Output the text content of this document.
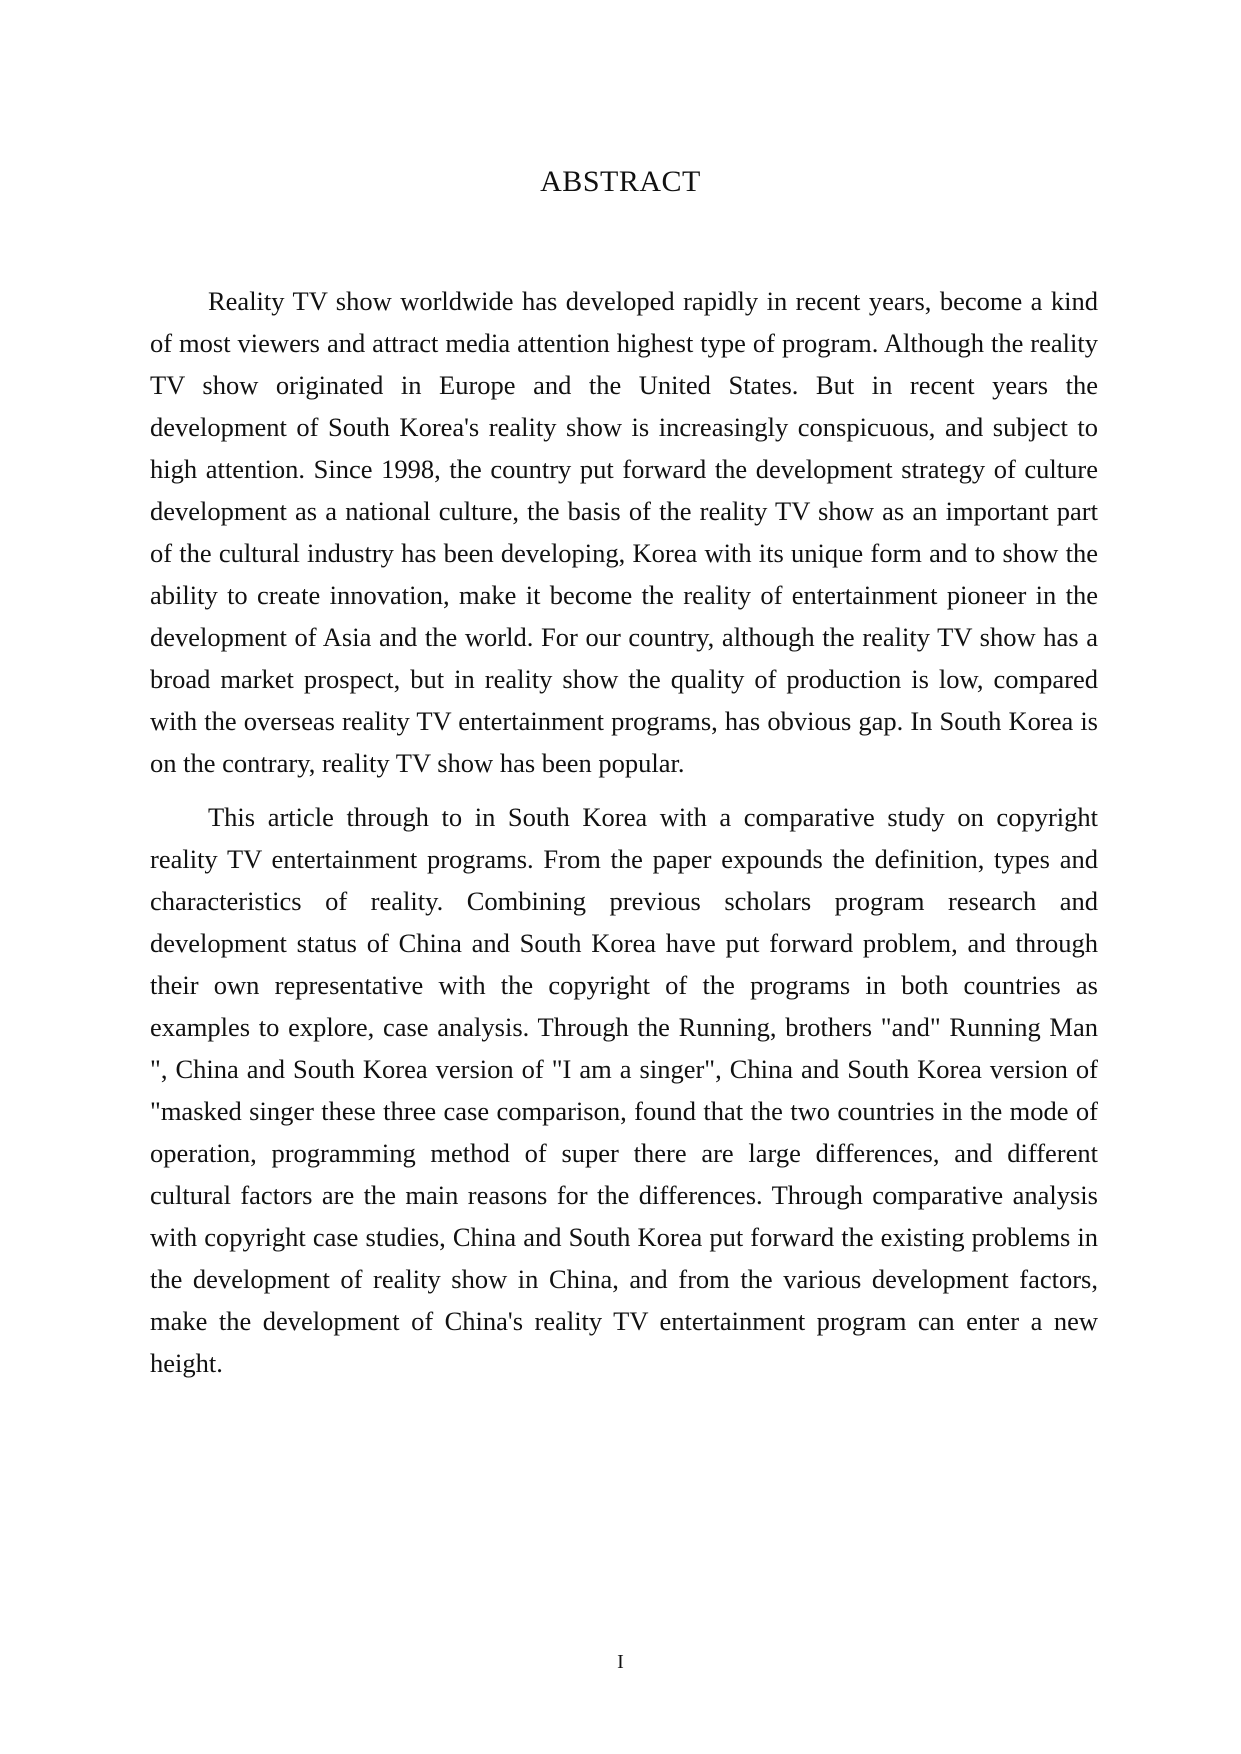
ABSTRACT

Reality TV show worldwide has developed rapidly in recent years, become a kind of most viewers and attract media attention highest type of program. Although the reality TV show originated in Europe and the United States. But in recent years the development of South Korea's reality show is increasingly conspicuous, and subject to high attention. Since 1998, the country put forward the development strategy of culture development as a national culture, the basis of the reality TV show as an important part of the cultural industry has been developing, Korea with its unique form and to show the ability to create innovation, make it become the reality of entertainment pioneer in the development of Asia and the world. For our country, although the reality TV show has a broad market prospect, but in reality show the quality of production is low, compared with the overseas reality TV entertainment programs, has obvious gap. In South Korea is on the contrary, reality TV show has been popular.

This article through to in South Korea with a comparative study on copyright reality TV entertainment programs. From the paper expounds the definition, types and characteristics of reality. Combining previous scholars program research and development status of China and South Korea have put forward problem, and through their own representative with the copyright of the programs in both countries as examples to explore, case analysis. Through the Running, brothers "and" Running Man ", China and South Korea version of "I am a singer", China and South Korea version of "masked singer these three case comparison, found that the two countries in the mode of operation, programming method of super there are large differences, and different cultural factors are the main reasons for the differences. Through comparative analysis with copyright case studies, China and South Korea put forward the existing problems in the development of reality show in China, and from the various development factors, make the development of China's reality TV entertainment program can enter a new height.

I
